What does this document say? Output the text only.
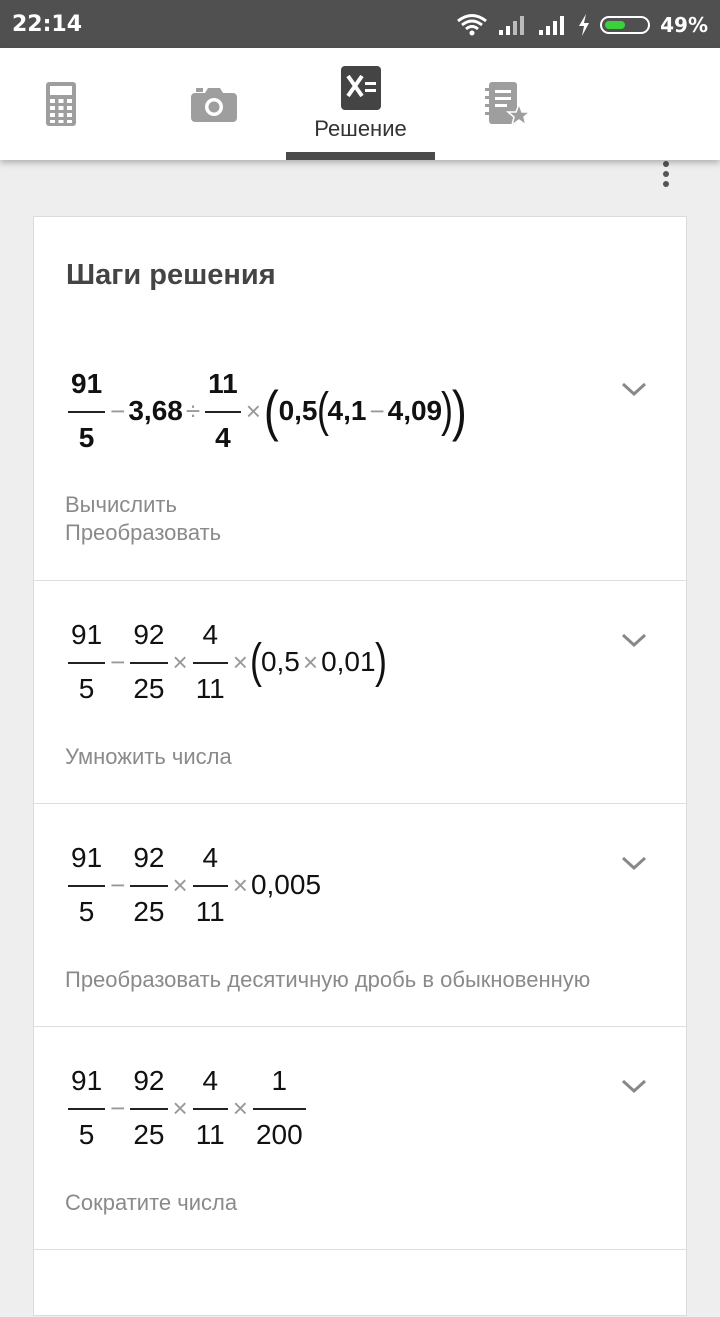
22:14	49%
Решение
Шаги решения
$\frac{91}{5} - 3,68 \div \frac{11}{4}$ × ( 0,5
(
4,1 − 4,09
)
)
Вычислить
Преобразовать
$\frac{91}{5} - \frac{92}{25} \times \frac{4}{11}$ × (
0,5 × 0,01
)
Умножить числа
$\frac{91}{5} - \frac{92}{25} \times \frac{4}{11} \times 0,005$
Преобразовать десятичную дробь в обыкновенную
$\frac{91}{5} - \frac{92}{25} \times \frac{4}{11} \times \frac{1}{200}$
Сократите числа
